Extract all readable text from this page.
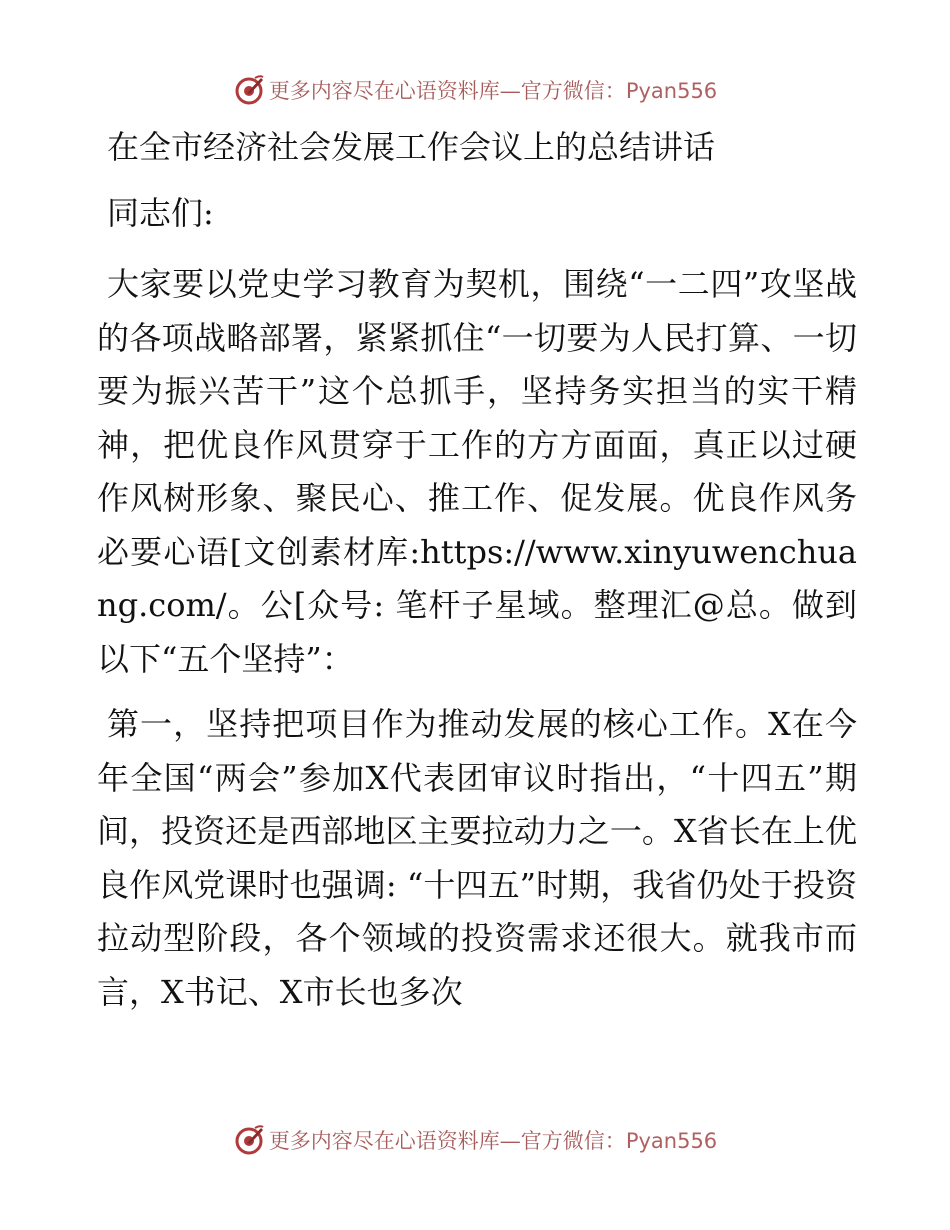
更多内容尽在心语资料库—官方微信：Pyan556
在全市经济社会发展工作会议上的总结讲话

同志们:

大家要以党史学习教育为契机，围绕“一二四”攻坚战的各项战略部署，紧紧抓住“一切要为人民打算、一切要为振兴苦干”这个总抓手，坚持务实担当的实干精神，把优良作风贯穿于工作的方方面面，真正以过硬作风树形象、聚民心、推工作、促发展。优良作风务必要心语[文创素材库:https://www.xinyuwenchuang.com/。公[众号: 笔杆子星域。整理汇@总。做到以下“五个坚持”：

第一，坚持把项目作为推动发展的核心工作。X在今年全国“两会”参加X代表团审议时指出，“十四五”期间，投资还是西部地区主要拉动力之一。X省长在上优良作风党课时也强调: “十四五”时期，我省仍处于投资拉动型阶段，各个领域的投资需求还很大。就我市而言，X书记、X市长也多次

更多内容尽在心语资料库—官方微信：Pyan556
